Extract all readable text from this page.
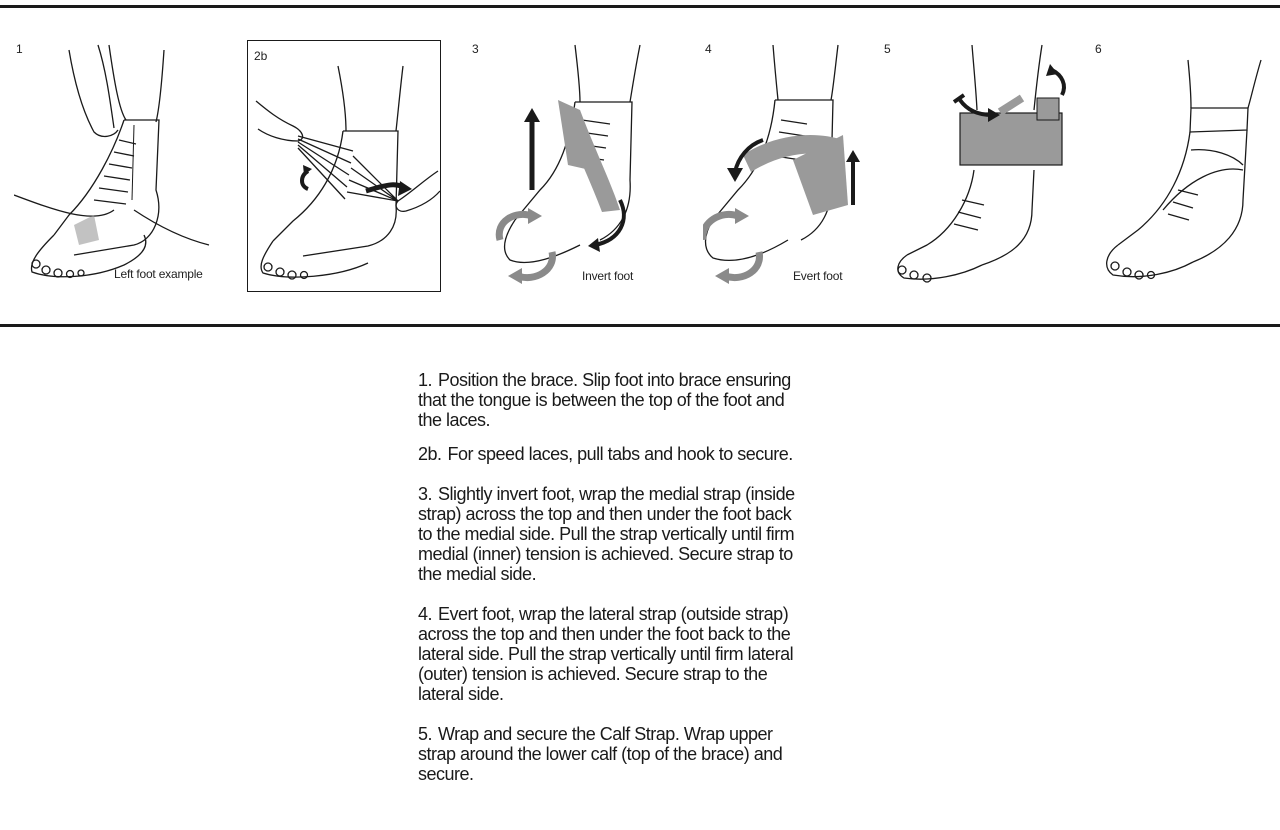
1
Left foot example
2b	3
Invert foot
4
Evert foot
5	6

1. Position the brace. Slip foot into brace ensuring that the tongue is between the top of the foot and the laces.

2b. For speed laces, pull tabs and hook to secure.

3. Slightly invert foot, wrap the medial strap (inside strap) across the top and then under the foot back to the medial side. Pull the strap vertically until firm medial (inner) tension is achieved. Secure strap to the medial side.

4. Evert foot, wrap the lateral strap (outside strap) across the top and then under the foot back to the lateral side. Pull the strap vertically until firm lateral (outer) tension is achieved. Secure strap to the lateral side.

5. Wrap and secure the Calf Strap. Wrap upper strap around the lower calf (top of the brace) and secure.
